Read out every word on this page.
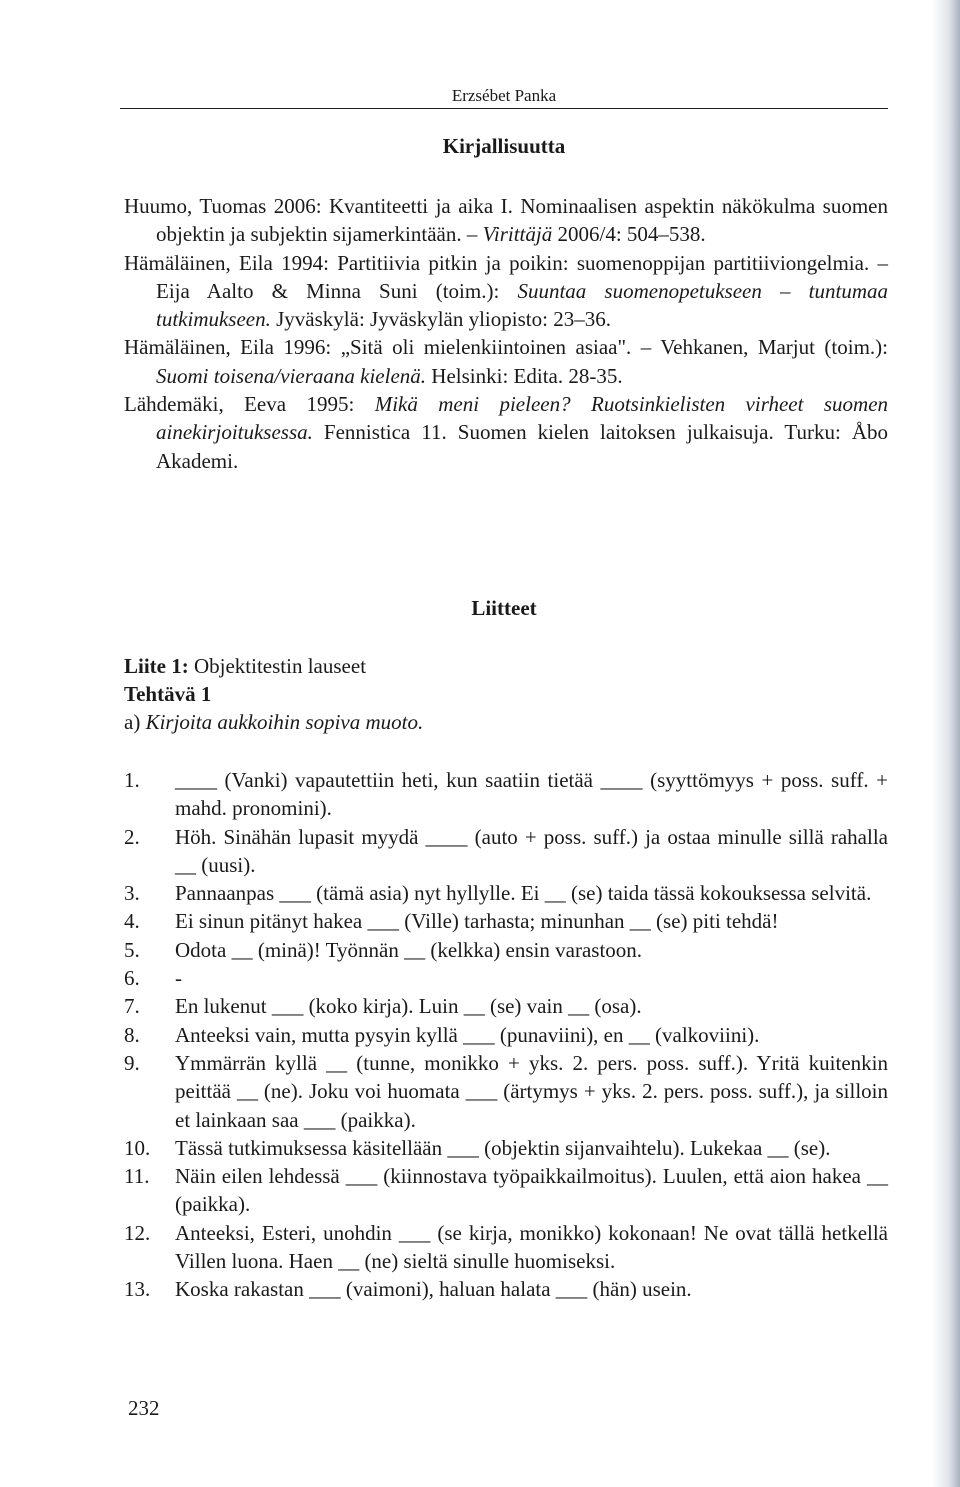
Erzsébet Panka
Kirjallisuutta

Huumo, Tuomas 2006: Kvantiteetti ja aika I. Nominaalisen aspektin näkökulma suomen objektin ja subjektin sijamerkintään. – Virittäjä 2006/4: 504–538.

Hämäläinen, Eila 1994: Partitiivia pitkin ja poikin: suomenoppijan partitiiviongelmia. – Eija Aalto & Minna Suni (toim.): Suuntaa suomenopetukseen – tuntumaa tutkimukseen. Jyväskylä: Jyväskylän yliopisto: 23–36.

Hämäläinen, Eila 1996: „Sitä oli mielenkiintoinen asiaa". – Vehkanen, Marjut (toim.): Suomi toisena/vieraana kielenä. Helsinki: Edita. 28-35.

Lähdemäki, Eeva 1995: Mikä meni pieleen? Ruotsinkielisten virheet suomen ainekirjoituksessa. Fennistica 11. Suomen kielen laitoksen julkaisuja. Turku: Åbo Akademi.

Liitteet
Liite 1: Objektitestin lauseet
Tehtävä 1
a) Kirjoita aukkoihin sopiva muoto.

1. ____ (Vanki) vapautettiin heti, kun saatiin tietää ____ (syyttömyys + poss. suff. + mahd. pronomini).

2. Höh. Sinähän lupasit myydä ____ (auto + poss. suff.) ja ostaa minulle sillä rahalla __ (uusi).

3. Pannaanpas ___ (tämä asia) nyt hyllylle. Ei __ (se) taida tässä kokouksessa selvitä.

4. Ei sinun pitänyt hakea ___ (Ville) tarhasta; minunhan __ (se) piti tehdä!

5. Odota __ (minä)! Työnnän __ (kelkka) ensin varastoon.

6. -

7. En lukenut ___ (koko kirja). Luin __ (se) vain __ (osa).

8. Anteeksi vain, mutta pysyin kyllä ___ (punaviini), en __ (valkoviini).

9. Ymmärrän kyllä __ (tunne, monikko + yks. 2. pers. poss. suff.). Yritä kuitenkin peittää __ (ne). Joku voi huomata ___ (ärtymys + yks. 2. pers. poss. suff.), ja silloin et lainkaan saa ___ (paikka).

10. Tässä tutkimuksessa käsitellään ___ (objektin sijanvaihtelu). Lukekaa __ (se).

11. Näin eilen lehdessä ___ (kiinnostava työpaikkailmoitus). Luulen, että aion hakea __ (paikka).

12. Anteeksi, Esteri, unohdin ___ (se kirja, monikko) kokonaan! Ne ovat tällä hetkellä Villen luona. Haen __ (ne) sieltä sinulle huomiseksi.

13. Koska rakastan ___ (vaimoni), haluan halata ___ (hän) usein.

232
